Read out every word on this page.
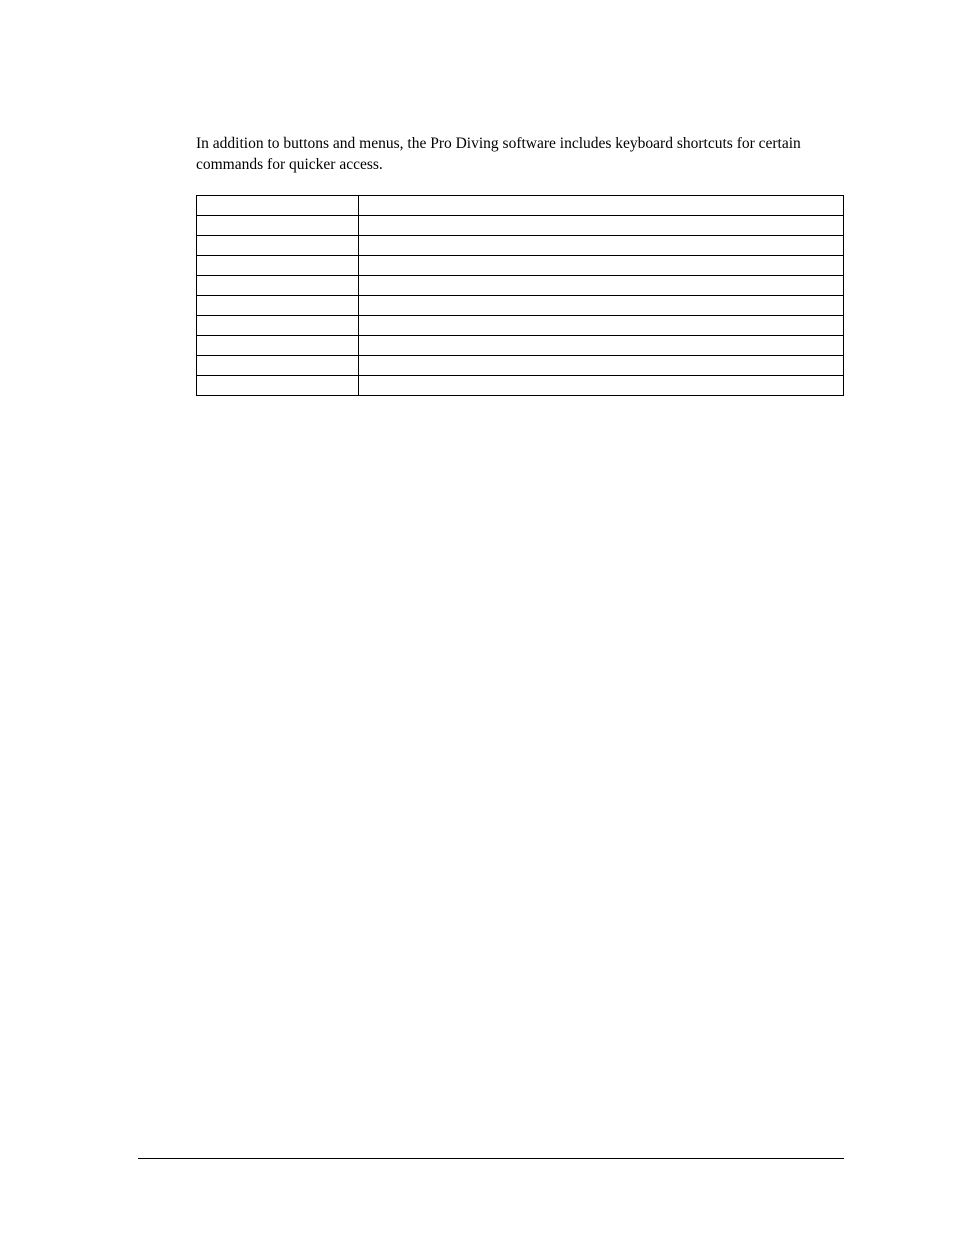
In addition to buttons and menus, the Pro Diving software includes keyboard shortcuts for certain commands for quicker access.
